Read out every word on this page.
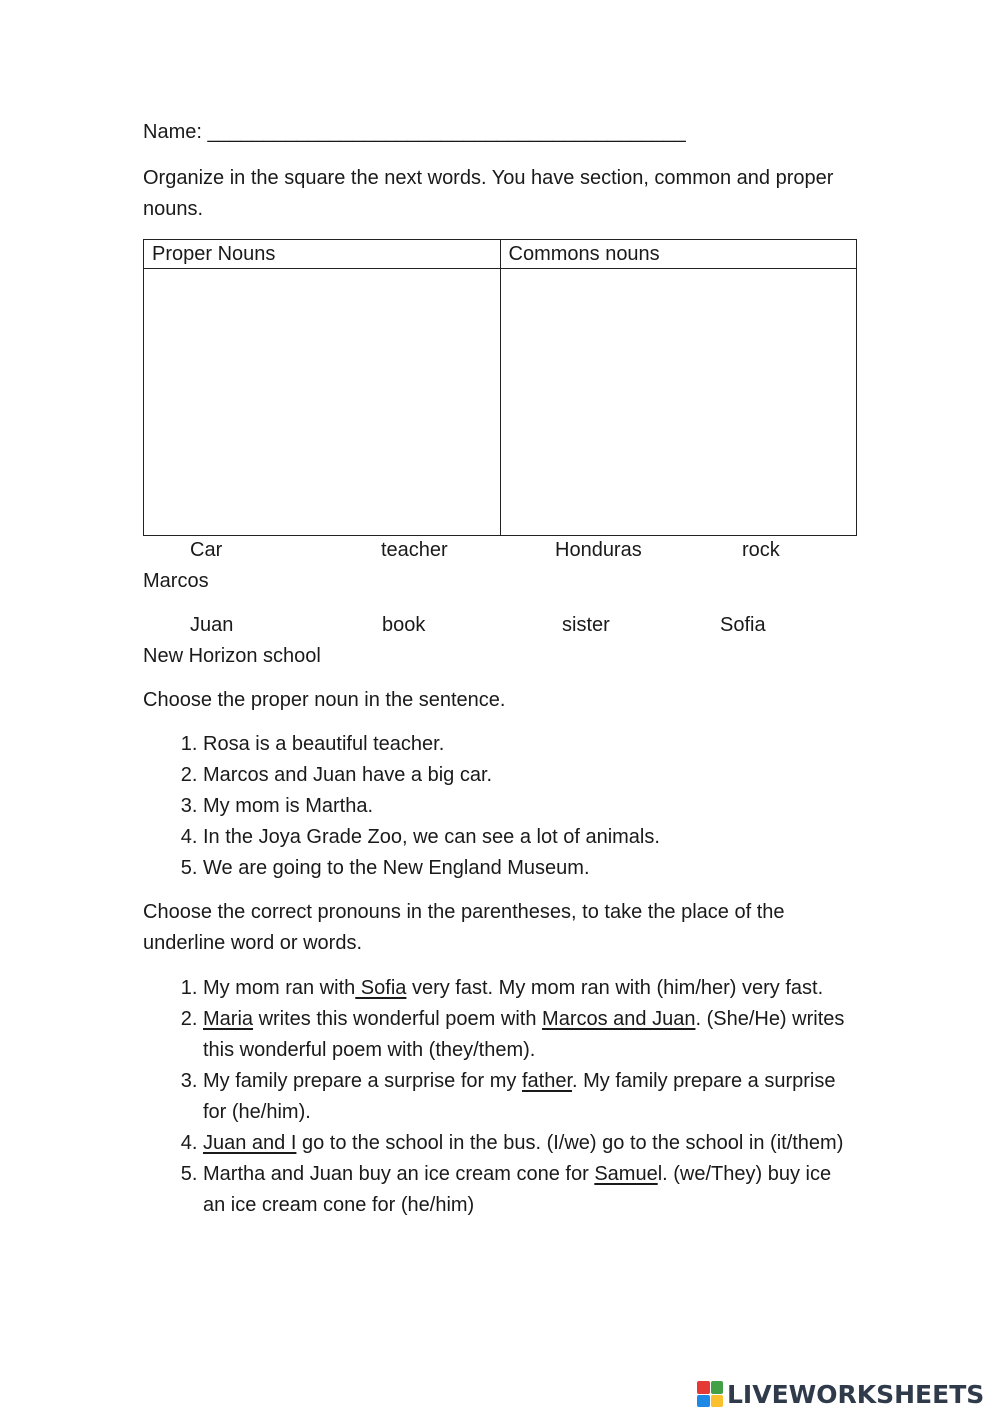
Name: ___________________________________________
Organize in the square the next words. You have section, common and proper nouns.
Proper Nouns	Commons nouns

Car	teacher	Honduras	rock
Marcos
Juan	book	sister	Sofia
New Horizon school
Choose the proper noun in the sentence.
1. Rosa is a beautiful teacher.
2. Marcos and Juan have a big car.
3. My mom is Martha.
4. In the Joya Grade Zoo, we can see a lot of animals.
5. We are going to the New England Museum.
Choose the correct pronouns in the parentheses, to take the place of the underline word or words.
1. My mom ran with Sofia very fast. My mom ran with (him/her) very fast.
2. Maria writes this wonderful poem with Marcos and Juan. (She/He) writes this wonderful poem with (they/them).
3. My family prepare a surprise for my father. My family prepare a surprise for (he/him).
4. Juan and I go to the school in the bus. (I/we) go to the school in (it/them)
5. Martha and Juan buy an ice cream cone for Samuel. (we/They) buy ice an ice cream cone for (he/him)
LIVEWORKSHEETS
